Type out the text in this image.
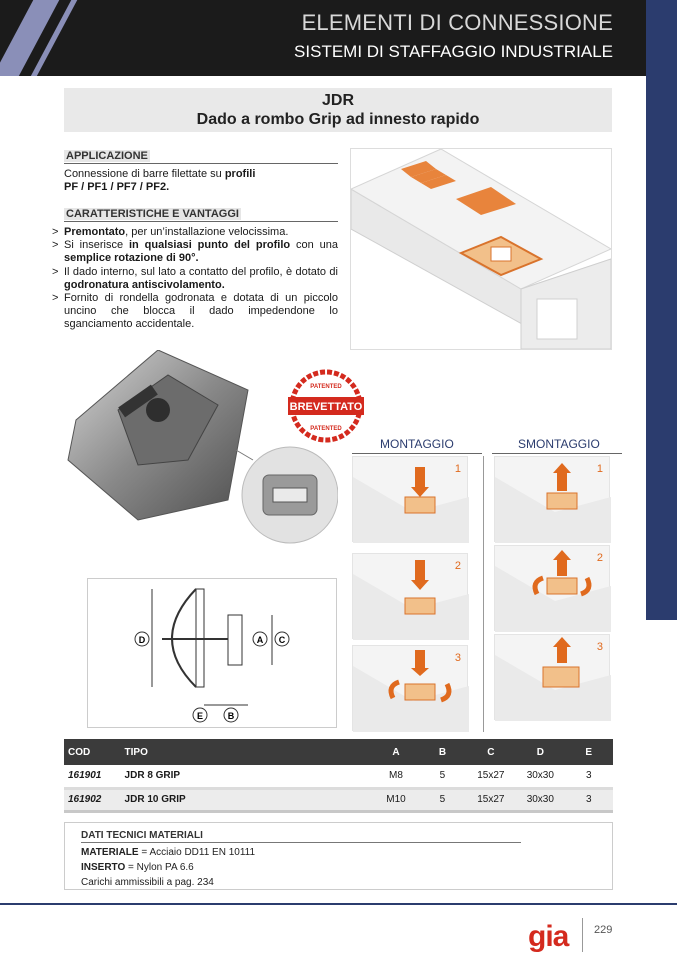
ELEMENTI DI CONNESSIONE
SISTEMI DI STAFFAGGIO INDUSTRIALE
JDR
Dado a rombo Grip ad innesto rapido
APPLICAZIONE
Connessione di barre filettate su profili
PF / PF1 / PF7 / PF2.
CARATTERISTICHE E VANTAGGI
> Premontato, per un’installazione velocissima.
> Si inserisce in qualsiasi punto del profilo con una semplice rotazione di 90°.
> Il dado interno, sul lato a contatto del profilo, è dotato di godronatura antiscivolamento.
> Fornito di rondella godronata e dotata di un piccolo uncino che blocca il dado impedendone lo sganciamento accidentale.
BREVETTATO
PATENTED
PATENTED
MONTAGGIO	SMONTAGGIO
1
2
3
1
2
3
D	A C
E	B
COD	TIPO	A	B	C	D	E
161901	JDR 8 GRIP	M8	5	15x27	30x30	3
161902	JDR 10 GRIP	M10	5	15x27	30x30	3
DATI TECNICI MATERIALI
MATERIALE = Acciaio DD11 EN 10111
INSERTO = Nylon PA 6.6
Carichi ammissibili a pag. 234
gia 229
